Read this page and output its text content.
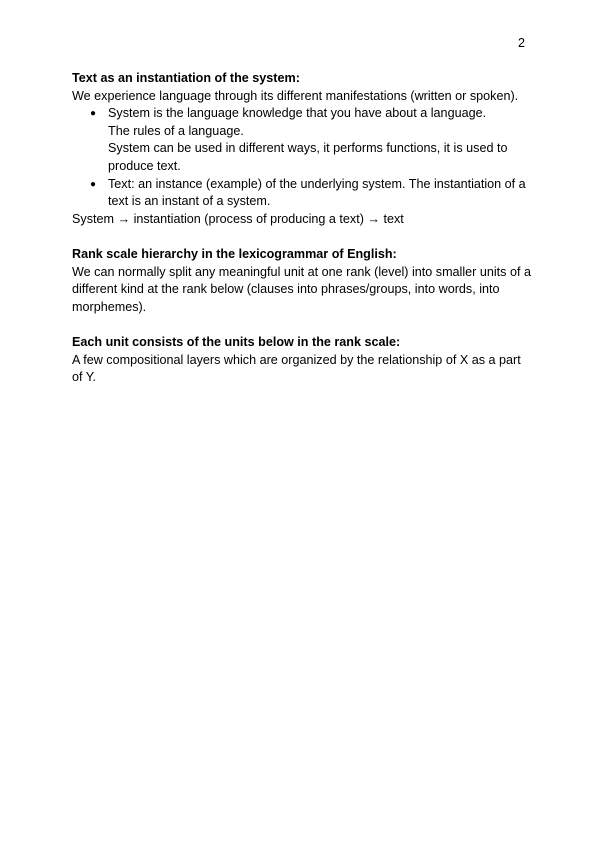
2

Text as an instantiation of the system:

We experience language through its different manifestations (written or spoken).

● System is the language knowledge that you have about a language.
The rules of a language.
System can be used in different ways, it performs functions, it is used to produce text.
● Text: an instance (example) of the underlying system. The instantiation of a text is an instant of a system.

System → instantiation (process of producing a text) → text

Rank scale hierarchy in the lexicogrammar of English:

We can normally split any meaningful unit at one rank (level) into smaller units of a different kind at the rank below (clauses into phrases/groups, into words, into morphemes).

Each unit consists of the units below in the rank scale:

A few compositional layers which are organized by the relationship of X as a part of Y.
